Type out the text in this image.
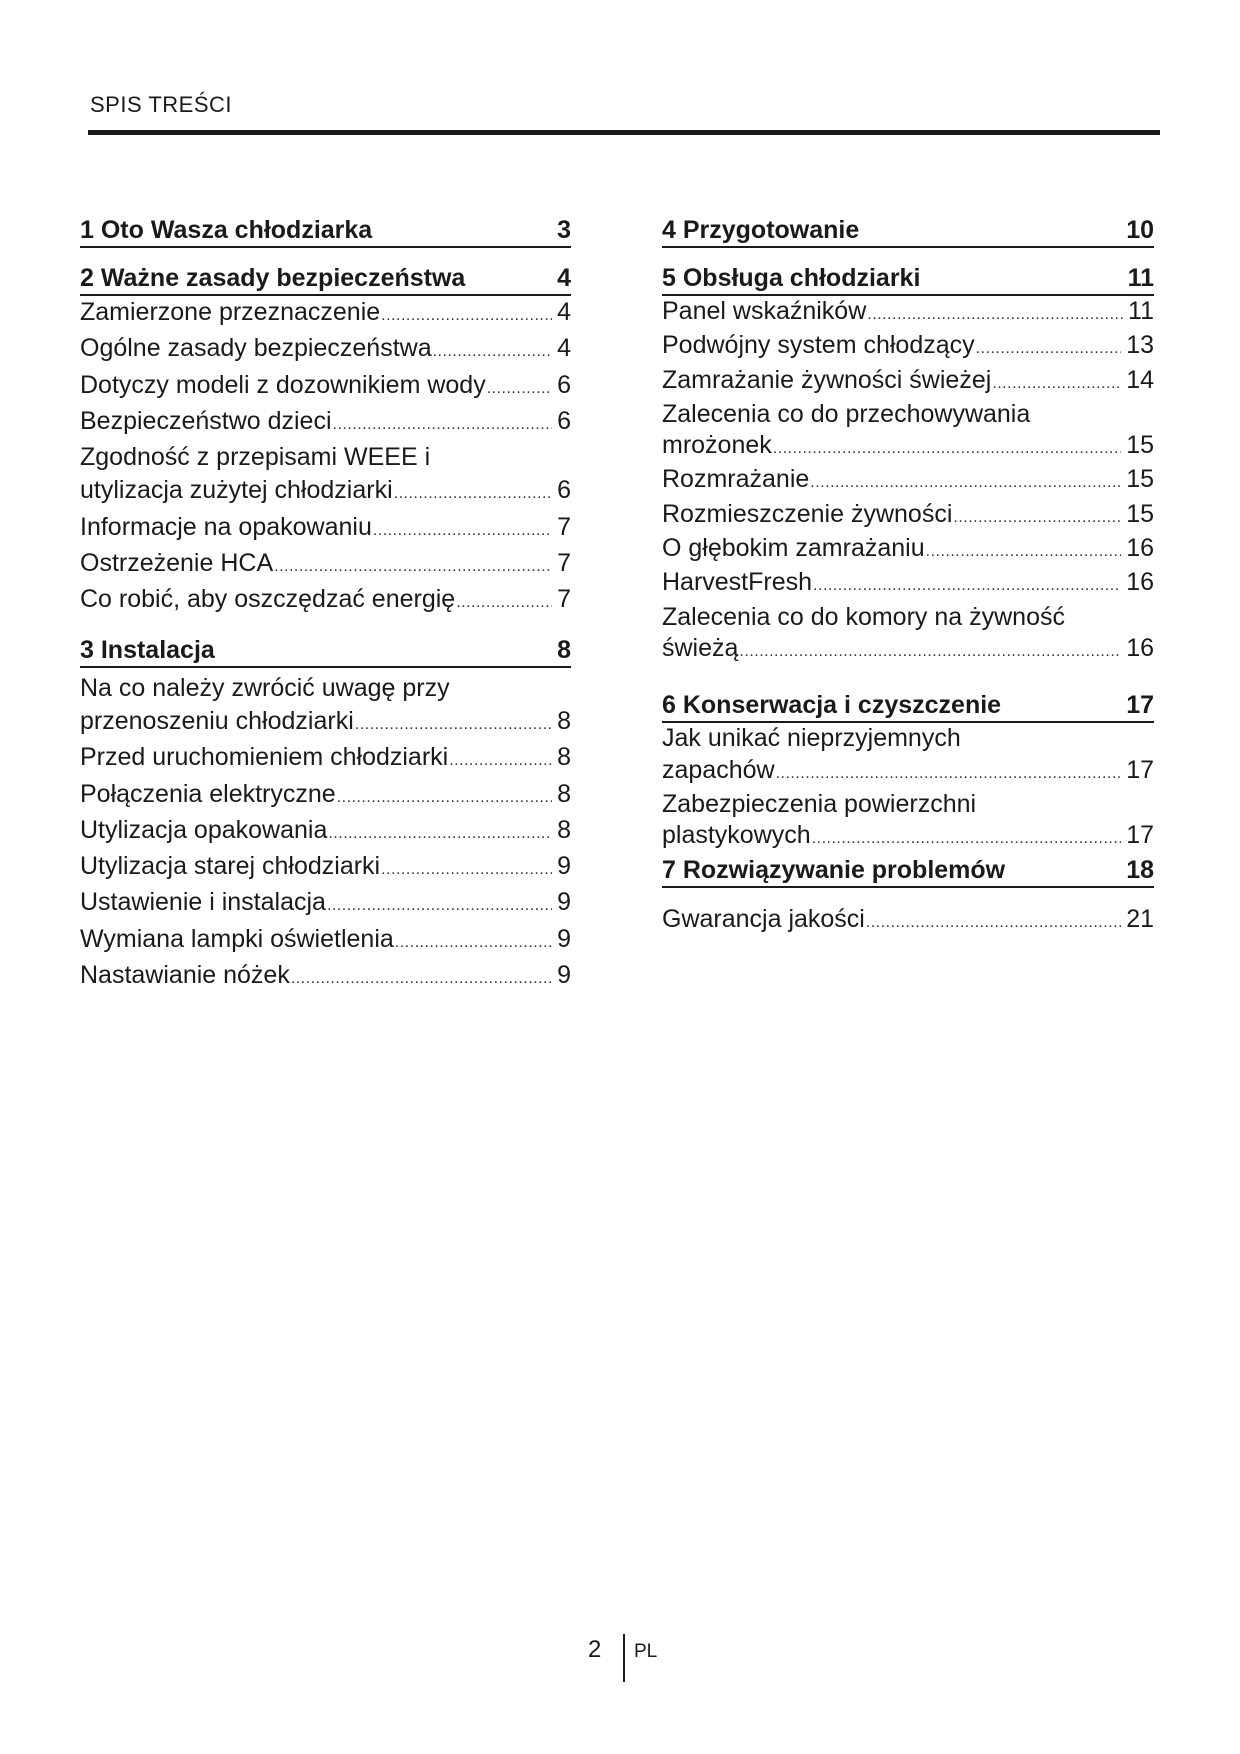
SPIS TREŚCI
1 Oto Wasza chłodziarka	3
2 Ważne zasady bezpieczeństwa	4
Zamierzone przeznaczenie .....	4
Ogólne zasady bezpieczeństwa .....	4
Dotyczy modeli z dozownikiem wody .....	6
Bezpieczeństwo dzieci .....	6
Zgodność z przepisami WEEE i
utylizacja zużytej chłodziarki .....	6
Informacje na opakowaniu .....	7
Ostrzeżenie HCA .....	7
Co robić, aby oszczędzać energię .....	7
3 Instalacja	8
Na co należy zwrócić uwagę przy
przenoszeniu chłodziarki .....	8
Przed uruchomieniem chłodziarki .....	8
Połączenia elektryczne .....	8
Utylizacja opakowania .....	8
Utylizacja starej chłodziarki .....	9
Ustawienie i instalacja .....	9
Wymiana lampki oświetlenia .....	9
Nastawianie nóżek .....	9
4 Przygotowanie	10
5 Obsługa chłodziarki	11
Panel wskaźników .....	11
Podwójny system chłodzący .....	13
Zamrażanie żywności świeżej .....	14
Zalecenia co do przechowywania
mrożonek .....	15
Rozmrażanie .....	15
Rozmieszczenie żywności .....	15
O głębokim zamrażaniu .....	16
HarvestFresh .....	16
Zalecenia co do komory na żywność
świeżą .....	16
6 Konserwacja i czyszczenie	17
Jak unikać nieprzyjemnych
zapachów .....	17
Zabezpieczenia powierzchni
plastykowych .....	17
7 Rozwiązywanie problemów	18
Gwarancja jakości .....	21
2 PL
